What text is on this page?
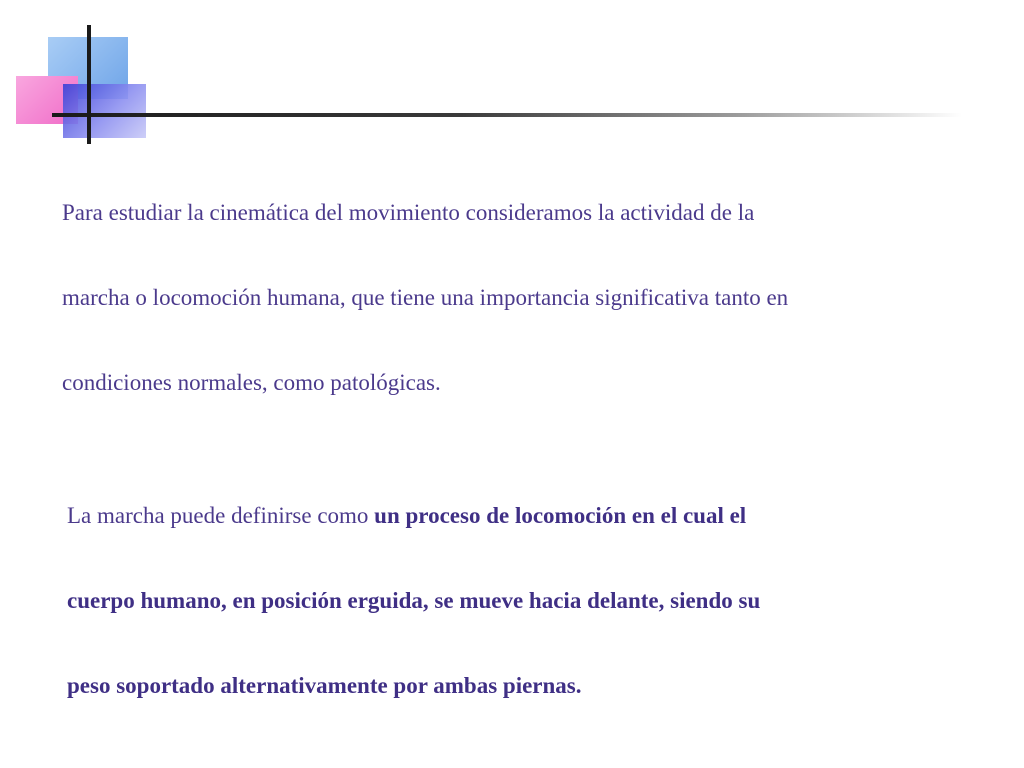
Para estudiar la cinemática del movimiento consideramos la actividad de la
marcha o locomoción humana, que tiene una importancia significativa tanto en
condiciones normales, como patológicas.

La marcha puede definirse como un proceso de locomoción en el cual el
cuerpo humano, en posición erguida, se mueve hacia delante, siendo su
peso soportado alternativamente por ambas piernas.
